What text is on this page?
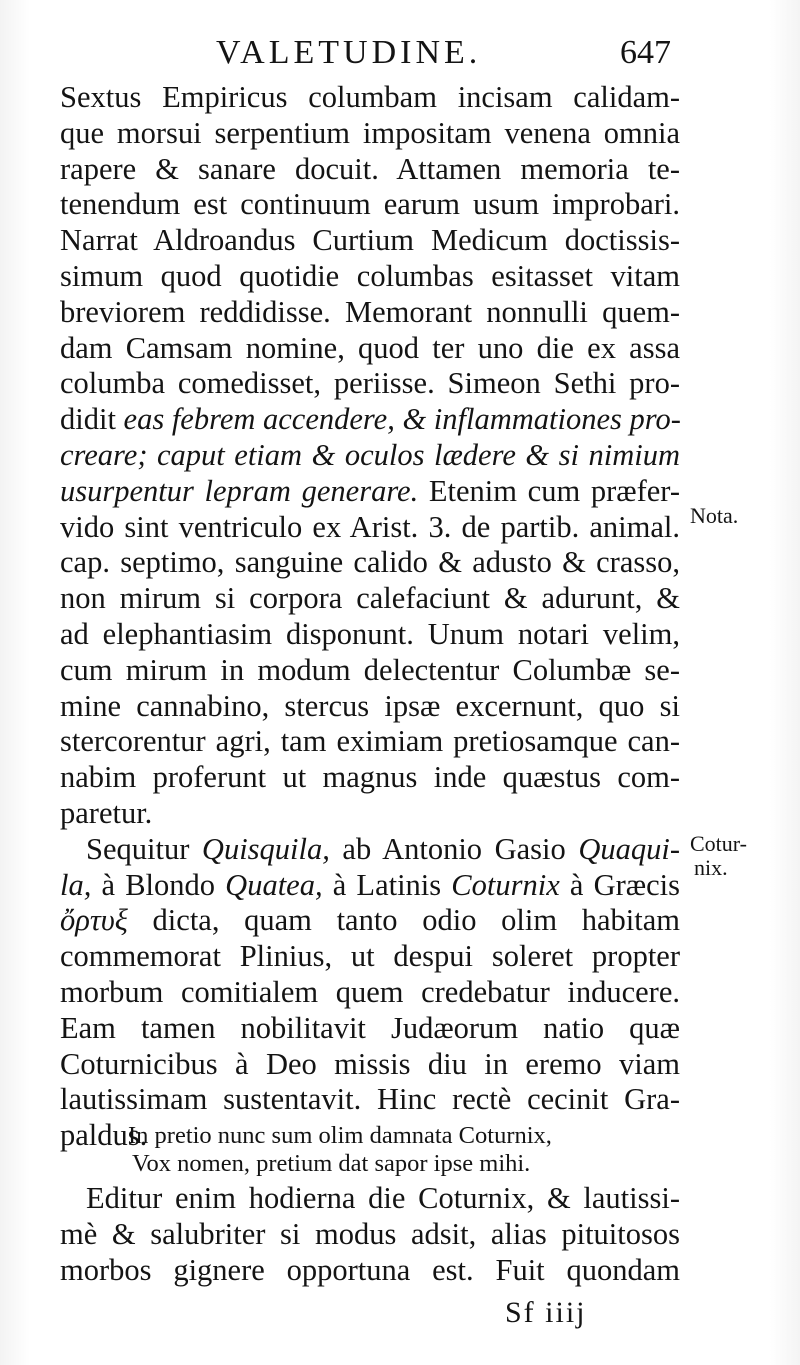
VALETUDINE.	647
Sextus Empiricus columbam incisam calidam-
que morsui serpentium impositam venena omnia
rapere & sanare docuit. Attamen memoria te-
tenendum est continuum earum usum improbari.
Narrat Aldroandus Curtium Medicum doctissis-
simum quod quotidie columbas esitasset vitam
breviorem reddidisse. Memorant nonnulli quem-
dam Camsam nomine, quod ter uno die ex assa
columba comedisset, periisse. Simeon Sethi pro-
didit eas febrem accendere, & inflammationes pro-
creare; caput etiam & oculos lædere & si nimium
usurpentur lepram generare. Etenim cum præfer-
vido sint ventriculo ex Arist. 3. de partib. animal.
cap. septimo, sanguine calido & adusto & crasso,
non mirum si corpora calefaciunt & adurunt, &
ad elephantiasim disponunt. Unum notari velim,
cum mirum in modum delectentur Columbæ se-
mine cannabino, stercus ipsæ excernunt, quo si
stercorentur agri, tam eximiam pretiosamque can-
nabim proferunt ut magnus inde quæstus com-
paretur.
Sequitur Quisquila, ab Antonio Gasio Quaqui-
la, à Blondo Quatea, à Latinis Coturnix à Græcis
ὄρτυξ dicta, quam tanto odio olim habitam
commemorat Plinius, ut despui soleret propter
morbum comitialem quem credebatur inducere.
Eam tamen nobilitavit Judæorum natio quæ
Coturnicibus à Deo missis diu in eremo viam
lautissimam sustentavit. Hinc rectè cecinit Gra-
paldus.
In pretio nunc sum olim damnata Coturnix,
Vox nomen, pretium dat sapor ipse mihi.
Editur enim hodierna die Coturnix, & lautissi-
mè & salubriter si modus adsit, alias pituitosos
morbos gignere opportuna est. Fuit quondam
Nota.
Cotur-
nix.
Sf iiij
